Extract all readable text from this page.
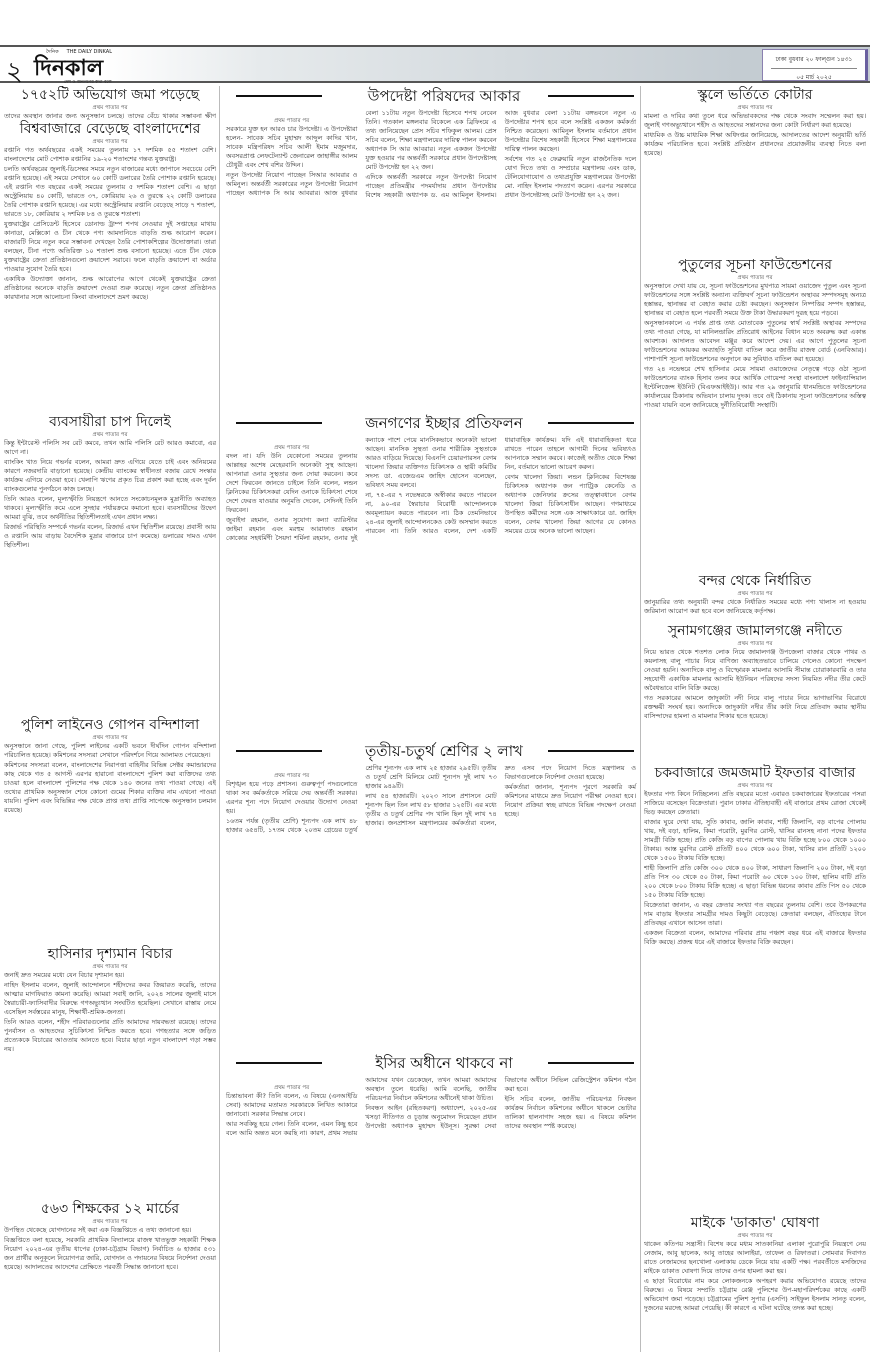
২
দৈনিক THE DAILY DINKAL
দিনকাল
দেশ ও জনগণের কথা বলে
ঢাকা বুধবার ২০ ফাল্গুন ১৪৩১
০৫ মার্চ ২০২৫
১৭৫২টি অভিযোগ জমা পড়েছে
প্রথম পাতার পর

তাদের অবস্থান জানার জন্য অনুসন্ধান চলছে। তাদের বেঁচে থাকার সম্ভাবনা ক্ষীণ

বিশ্ববাজারে বেড়েছে বাংলাদেশের
প্রথম পাতার পর

রপ্তানি গত অর্থবছরের একই সময়ের তুলনায় ১৭ দশমিক ৫৫ শতাংশ বেশি। বাংলাদেশের মোট পোশাক রপ্তানির ১৯-২০ শতাংশের গন্তব্য যুক্তরাষ্ট্র।

চলতি অর্থবছরের জুলাই-ডিসেম্বর সময়ে নতুন বাজারের মধ্যে জাপানে সবচেয়ে বেশি রপ্তানি হয়েছে। এই সময়ে সেখানে ৬০ কোটি ডলারের তৈরি পোশাক রপ্তানি হয়েছে। এই রপ্তানি গত বছরের একই সময়ের তুলনায় ৫ দশমিক শতাংশ বেশি। এ ছাড়া অস্ট্রেলিয়ায় ৪০ কোটি, ভারতে ৩৭, কোরিয়ায় ২৬ ও তুরস্কে ২২ কোটি ডলারের তৈরি পোশাক রপ্তানি হয়েছে। এর মধ্যে অস্ট্রেলিয়ায় রপ্তানি বেড়েছে সাড়ে ৭ শতাংশ, ভারতে ১৮, কোরিয়ায় ২ দশমিক ৮৪ ও তুরস্কে শতাংশ।

যুক্তরাষ্ট্রের প্রেসিডেন্ট হিসেবে ডোনাল্ড ট্রাম্প শপথ নেওয়ার দুই সপ্তাহের মাথায় কানাডা, মেক্সিকো ও চীন থেকে পণ্য আমদানিতে বাড়তি শুল্ক আরোপ করেন। বাজারটি নিয়ে নতুন করে সম্ভাবনা দেখছেন তৈরি পোশাকশিল্পের উদ্যোক্তারা। তারা বলছেন, চীনা পণ্যে অতিরিক্ত ১০ শতাংশ শুল্ক বসানো হয়েছে। এতে চীন থেকে যুক্তরাষ্ট্রের ক্রেতা প্রতিষ্ঠানগুলো ক্রয়াদেশ সরাবে। ফলে বাড়তি ক্রয়াদেশ বা অর্ডার পাওয়ার সুযোগ তৈরি হবে।

একাধিক উদ্যোক্তা জানান, শুল্ক আরোপের আগে থেকেই যুক্তরাষ্ট্রের ক্রেতা প্রতিষ্ঠানের অনেকে বাড়তি ক্রয়াদেশ দেওয়া শুরু করেছে। নতুন ক্রেতা প্রতিষ্ঠানও কারখানার সঙ্গে আলোচনা কিংবা বাংলাদেশে ভ্রমণ করছে।

ব্যবসায়ীরা চাপ দিলেই
প্রথম পাতার পর

কিন্তু ইন্টারেস্ট পলিসি সব রেট কমবে, তখন আমি পলিসি রেট আরও কমাবো, এর আগে না।

ব্যাংকিং খাত নিয়ে গভর্নর বলেন, আমরা দ্রুত এগিয়ে যেতে চাই এবং অনিয়মের কারণে নজরদারি বাড়ানো হয়েছে। কেন্দ্রীয় ব্যাংকের স্বাধীনতা বজায় রেখে সংস্কার কার্যক্রম এগিয়ে নেওয়া হবে। খেলাপি ঋণের প্রকৃত চিত্র প্রকাশ করা হচ্ছে এবং দুর্বল ব্যাংকগুলোর পুনর্গঠনে কাজ চলছে।

তিনি আরও বলেন, মূল্যস্ফীতি নিয়ন্ত্রণে আনতে সংকোচনমূলক মুদ্রানীতি অব্যাহত থাকবে। মূল্যস্ফীতি কমে এলে সুদহার পর্যায়ক্রমে কমানো হবে। ব্যবসায়ীদের উদ্বেগ আমরা বুঝি, তবে অর্থনীতির স্থিতিশীলতাই এখন প্রধান লক্ষ্য।

রিজার্ভ পরিস্থিতি সম্পর্কে গভর্নর বলেন, রিজার্ভ এখন স্থিতিশীল রয়েছে। প্রবাসী আয় ও রপ্তানি আয় বাড়ায় বৈদেশিক মুদ্রার বাজারে চাপ কমেছে। ডলারের দামও এখন স্থিতিশীল।

পুলিশ লাইনেও গোপন বন্দিশালা
প্রথম পাতার পর

অনুসন্ধানে জানা গেছে, পুলিশ লাইনের একটি ভবনে দীর্ঘদিন গোপন বন্দিশালা পরিচালিত হয়েছে। কমিশনের সদস্যরা সেখানে পরিদর্শনে গিয়ে আলামত পেয়েছেন।

কমিশনের সদস্যরা বলেন, বাংলাদেশের নিরাপত্তা বাহিনীর বিভিন্ন সেক্টর কমান্ডারদের কাছ থেকে গত ৫ আগস্ট এরপর হারানো বাংলাদেশে পুলিশ করা ব্যক্তিদের তথ্য চাওয়া হলে বাংলাদেশ পুলিশের পক্ষ থেকে ১৪০ জনের তথ্য পাওয়া গেছে। এই তথ্যের প্রাথমিক অনুসন্ধান শেষে কোনো গুমের শিকার ব্যক্তির নাম এখনো পাওয়া যায়নি। পুলিশ এবং বিভিন্নির পক্ষ থেকে প্রাপ্ত তথ্য প্রাপ্তি সাপেক্ষে অনুসন্ধান চলমান রয়েছে।

হাসিনার দৃশ্যমান বিচার
প্রথম পাতার পর

জনাই দ্রুত সময়ের মধ্যে যেন বিচার দৃশ্যমান হয়।

নাহিদ ইসলাম বলেন, জুলাই আন্দোলনে শহীদদের কবর জিয়ারত করেছি, তাদের আত্মার মাগফিরাত কামনা করেছি। আমরা সবাই জানি, ২০২৪ সালের জুলাই মাসে স্বৈরাচারী-ফ্যাসিবাদীর বিরুদ্ধে গণঅভ্যুত্থান সংঘটিত হয়েছিল। সেখানে রাস্তায় নেমে এসেছিল সর্বস্তরের মানুষ, শিক্ষার্থী-শ্রমিক-জনতা।

তিনি আরও বলেন, শহীদ পরিবারগুলোর প্রতি আমাদের দায়বদ্ধতা রয়েছে। তাদের পুনর্বাসন ও আহতদের সুচিকিৎসা নিশ্চিত করতে হবে। গণহত্যার সঙ্গে জড়িত প্রত্যেককে বিচারের আওতায় আনতে হবে। বিচার ছাড়া নতুন বাংলাদেশ গড়া সম্ভব নয়।

৫৬৩ শিক্ষকের ১২ মার্চের
প্রথম পাতার পর

উপস্থিত থেকেছে যোগদানের সই করা এক বিজ্ঞপ্তিতে এ তথ্য জানানো হয়।

বিজ্ঞপ্তিতে বলা হয়েছে, সরকারি প্রাথমিক বিদ্যালয়ে রাজস্ব খাতভুক্ত সহকারী শিক্ষক নিয়োগ ২০২৪-এর তৃতীয় ধাপের (ঢাকা-চট্টগ্রাম বিভাগ) নির্বাচিত ৬ হাজার ৫৩১ জন প্রার্থীর অনুকূলে নিয়োগপত্র জারি, যোগদান ও পদায়নের বিষয়ে নির্দেশনা দেওয়া হয়েছে। আদালতের আদেশের প্রেক্ষিতে পরবর্তী সিদ্ধান্ত জানানো হবে।

উপদেষ্টা পরিষদের আকার
প্রথম পাতার পর

সরকারে যুক্ত হন আরও চার উপদেষ্টা। এ উপদেষ্টারা হলেন- সাবেক সচিব মুহাম্মদ আব্দুল কাদির খান, সাবেক মন্ত্রিপরিষদ সচিব আলী ইমাম মজুমদার, অবসরপ্রাপ্ত লেফটেন্যান্ট জেনারেল জাহাঙ্গীর আলম চৌধুরী এবং শেখ বশির উদ্দিন।

নতুন উপদেষ্টা নিয়োগ পাচ্ছেন সিআর আবরার ও অমিনুল। অন্তর্বর্তী সরকারের নতুন উপদেষ্টা নিয়োগ পাচ্ছেন অধ্যাপক সি আর আবরার। আজ বুধবার বেলা ১১টায় নতুন উপদেষ্টা হিসেবে শপথ নেবেন তিনি। গতকাল মঙ্গলবার বিকেলে এক ব্রিফিংয়ে এ তথ্য জানিয়েছেন প্রেস সচিব শফিকুল আলম। প্রেস সচিব বলেন, শিক্ষা মন্ত্রণালয়ের দায়িত্ব পালন করবেন অধ্যাপক সি আর আবরার। নতুন একজন উপদেষ্টা যুক্ত হওয়ার পর অন্তর্বর্তী সরকারে প্রধান উপদেষ্টাসহ মোট উপদেষ্টা হন ২২ জন।

এদিকে অন্তর্বর্তী সরকারে নতুন উপদেষ্টা নিয়োগ পাচ্ছেন প্রতিমন্ত্রীর পদমর্যাদায় প্রধান উপদেষ্টার বিশেষ সহকারী অধ্যাপক ড. এম আমিনুল ইসলাম। আজ বুধবার বেলা ১১টায় বঙ্গভবনে নতুন এ উপদেষ্টার শপথ হবে বলে সংশ্লিষ্ট একজন কর্মকর্তা নিশ্চিত করেছেন। আমিনুল ইসলাম বর্তমানে প্রধান উপদেষ্টার বিশেষ সহকারী হিসেবে শিক্ষা মন্ত্রণালয়ের দায়িত্ব পালন করছেন।

সর্বশেষ গত ২৫ ফেব্রুয়ারি নতুন রাজনৈতিক দলে যোগ দিতে তথ্য ও সম্প্রচার মন্ত্রণালয় এবং ডাক, টেলিযোগাযোগ ও তথ্যপ্রযুক্তি মন্ত্রণালয়ের উপদেষ্টা মো. নাহিদ ইসলাম পদত্যাগ করেন। এরপর সরকারে প্রধান উপদেষ্টাসহ মোট উপদেষ্টা হন ২২ জন।

জনগণের ইচ্ছার প্রতিফলন
প্রথম পাতার পর

বদল না। যদি উনি যেকোনো সময়ের তুলনায় আল্লাহর অশেষ মেহেরবানি অনেকটা সুস্থ আছেন। আপনারা ওনার সুস্থতার জন্য দোয়া করবেন। কবে দেশে ফিরবেন জানতে চাইলে তিনি বলেন, লন্ডন ক্লিনিকের চিকিৎসকরা যেদিন ওনাকে চিকিৎসা শেষে দেশে ফেরত যাওয়ার অনুমতি দেবেন, সেদিনই তিনি ফিরবেন।

জুবাইদা রহমান, ওনার সুযোগ্য কন্যা ব্যারিস্টার জাইমা রহমান এবং মরহুম আরাফাত রহমান কোকোর সহধর্মিণী সৈয়দা শর্মিলা রহমান, ওনার দুই কন্যাকে পাশে পেয়ে মানসিকভাবে অনেকটা ভালো আছেন। মানসিক সুস্থতা ওনার শারীরিক সুস্থতাকে আরও বাড়িয়ে দিয়েছে। বিএনপি চেয়ারপারসন বেগম খালেদা জিয়ার ব্যক্তিগত চিকিৎসক ও স্থায়ী কমিটির সদস্য ডা. এজেডএম জাহিদ হোসেন বলেছেন, ভবিষ্যৎ সময় বলবে।

না, ৭৫-এর ৭ নভেম্বরকে অস্বীকার করতে পারবেন না, ৯০-এর স্বৈরাচার বিরোধী আন্দোলনকে অবমূল্যায়ন করতে পারবেন না। ঠিক তেমনিভাবে ২৪-এর জুলাই আন্দোলনকেও কেউ অসম্মান করতে পারবেন না। তিনি আরও বলেন, দেশ একটি ধারাবাহিক কার্যক্রম। যদি এই ধারাবাহিকতা ধরে রাখতে পারেন তাহলে আগামী দিনের ভবিষ্যৎও আপনাকে সম্মান করবে। কাজেই অতীত থেকে শিক্ষা নিন, বর্তমানে ভালো আচরণ করুন।

বেগম খালেদা জিয়া। লন্ডন ক্লিনিকের বিশেষজ্ঞ চিকিৎসক অধ্যাপক জন প্যাট্রিক কেনেডি ও অধ্যাপক জেনিফার ক্রসের তত্ত্বাবধানে বেগম খালেদা জিয়া চিকিৎসাধীন আছেন। গণমাধ্যমে উপস্থিত কর্মীদের সঙ্গে এক সাক্ষাৎকারে ডা. জাহিদ বলেন, বেগম খালেদা জিয়া আগের যে কোনও সময়ের চেয়ে অনেক ভালো আছেন।

তৃতীয়-চতুর্থ শ্রেণির ২ লাখ
প্রথম পাতার পর

বিশৃঙ্খল হয়ে পড়ে প্রশাসন। গুরুত্বপূর্ণ পদগুলোতে থাকা সব কর্মকর্তাকে সরিয়ে দেয় অন্তর্বর্তী সরকার। এরপর শূন্য পদে নিয়োগ দেওয়ার উদ্যোগ নেওয়া হয়।

১৬তম পর্যন্ত (তৃতীয় শ্রেণি) শূন্যপদ এক লাখ ৪৮ হাজার ৬৫৪টি, ১৭তম থেকে ২০তম গ্রেডের চতুর্থ শ্রেণির শূন্যপদ এক লাখ ২৫ হাজার ২৯৫টি। তৃতীয় ও চতুর্থ শ্রেণি মিলিয়ে মোট শূন্যপদ দুই লাখ ৭৩ হাজার ৯৪৯টি।

লাখ ৫৪ হাজারটি। ২০২৩ সালে প্রশাসনে মোট শূন্যপদ ছিল তিন লাখ ৫৮ হাজার ১২৫টি। এর মধ্যে তৃতীয় ও চতুর্থ শ্রেণির পদ খালি ছিল দুই লাখ ৭৪ হাজার। জনপ্রশাসন মন্ত্রণালয়ের কর্মকর্তারা বলেন, দ্রুত এসব পদে নিয়োগ দিতে মন্ত্রণালয় ও বিভাগগুলোকে নির্দেশনা দেওয়া হয়েছে।

কর্মকর্তারা জানান, শূন্যপদ পূরণে সরকারি কর্ম কমিশনের মাধ্যমে দ্রুত নিয়োগ পরীক্ষা নেওয়া হবে। নিয়োগ প্রক্রিয়া স্বচ্ছ রাখতে বিভিন্ন পদক্ষেপ নেওয়া হচ্ছে।

ইসির অধীনে থাকবে না
প্রথম পাতার পর

চিন্তাভাবনা কী? তিনি বলেন, এ বিষয়ে (এনআইডি সেবা) আমাদের মতামত সরকারকে লিখিত আকারে জানাবো। সরকার সিদ্ধান্ত নেবে।

আর সবকিছু হয়ে গেল। তিনি বলেন, এমন কিছু হবে বলে আমি অন্তত মনে করছি না। কারণ, প্রথম সভায় আমাদের যখন ডেকেছেন, তখন আমরা আমাদের অবস্থান তুলে ধরেছি। আমি বলেছি, জাতীয় পরিচয়পত্র নির্বাচন কমিশনের অধীনেই থাকা উচিত।

নিবন্ধন আইন (রহিতকরণ) অধ্যাদেশ, ২০২৫-এর খসড়া নীতিগত ও চূড়ান্ত অনুমোদন দিয়েছেন প্রধান উপদেষ্টা অধ্যাপক মুহাম্মদ ইউনূস। সুরক্ষা সেবা বিভাগের অধীনে সিভিল রেজিস্ট্রেশন কমিশন গঠন করা হবে।

ইসি সচিব বলেন, জাতীয় পরিচয়পত্র নিবন্ধন কার্যক্রম নির্বাচন কমিশনের অধীনে থাকলে ভোটার তালিকা হালনাগাদ সহজ হয়। এ বিষয়ে কমিশন তাদের অবস্থান স্পষ্ট করেছে।

স্কুলে ভর্তিতে কোটার
প্রথম পাতার পর

মামলা ও দাবির কথা তুলে ধরে অভিভাবকদের পক্ষ থেকে সংবাদ সম্মেলন করা হয়। জুলাই গণঅভ্যুত্থানে শহীদ ও আহতদের সন্তানদের জন্য কোটা নির্ধারণ করা হয়েছে।

মাধ্যমিক ও উচ্চ মাধ্যমিক শিক্ষা অধিদপ্তর জানিয়েছে, আদালতের আদেশ অনুযায়ী ভর্তি কার্যক্রম পরিচালিত হবে। সংশ্লিষ্ট প্রতিষ্ঠান প্রধানদের প্রয়োজনীয় ব্যবস্থা নিতে বলা হয়েছে।

পুতুলের সূচনা ফাউন্ডেশনের
প্রথম পাতার পর

অনুসন্ধানে দেখা যায় যে, সূচনা ফাউন্ডেশনের মুখপাত্র সায়মা ওয়াজেদ পুতুল এবং সূচনা ফাউন্ডেশনের সঙ্গে সংশ্লিষ্ট অন্যান্য ব্যক্তিবর্গ সূচনা ফাউন্ডেশন অস্থাবর সম্পদসমূহ অন্যত্র হস্তান্তর, স্থানান্তর বা বেহাত করার চেষ্টা করছেন। অনুসন্ধান নিষ্পত্তির সম্পদ হস্তান্তর, স্থানান্তর বা বেহাত হলে পরবর্তী সময়ে উক্ত টাকা উদ্ধারকরণ দুরূহ হয়ে পড়বে।

অনুসন্ধানকালে এ পর্যন্ত প্রাপ্ত তথ্য মোতাবেক পুতুলের স্বার্থ সংশ্লিষ্ট অস্থাবর সম্পদের তথ্য পাওয়া গেছে, যা মানিলন্ডারিং প্রতিরোধ আইনের বিধান মতে অবরুদ্ধ করা একান্ত আবশ্যক। আদালত আবেদন মঞ্জুর করে আদেশ দেয়। এর আগে পুতুলের সূচনা ফাউন্ডেশনের আয়কর অব্যাহতি সুবিধা বাতিল করে জাতীয় রাজস্ব বোর্ড (এনবিআর)। পাশাপাশি সূচনা ফাউন্ডেশনের অনুদানে কর সুবিধাও বাতিল করা হয়েছে।

গত ২৪ নভেম্বরে শেখ হাসিনার মেয়ে সায়মা ওয়াজেদের নেতৃত্বে গড়ে ওঠা সূচনা ফাউন্ডেশনের ব্যাংক হিসাব তলব করে আর্থিক গোয়েন্দা সংস্থা বাংলাদেশ ফাইন্যান্সিয়াল ইন্টেলিজেন্স ইউনিট (বিএফআইইউ)। আর গত ২৯ জানুয়ারি ধানমন্ডিতে ফাউন্ডেশনের কার্যালয়ের ঠিকানায় অভিযান চালায় দুদক। তবে ওই ঠিকানায় সূচনা ফাউন্ডেশনের অস্তিত্ব পাওয়া যায়নি বলে জানিয়েছে দুর্নীতিবিরোধী সংস্থাটি।

বন্দর থেকে নির্ধারিত
প্রথম পাতার পর

জানুয়ারির তথ্য অনুযায়ী বন্দর থেকে নির্ধারিত সময়ের মধ্যে পণ্য খালাস না হওয়ায় জরিমানা আরোপ করা হবে বলে জানিয়েছে কর্তৃপক্ষ।

সুনামগঞ্জের জামালগঞ্জে নদীতে
প্রথম পাতার পর

নিয়ে ভারত থেকে শতশত লোক নিয়ে জামালগঞ্জ উপজেলা বাজার থেকে পাথর ও কয়লাসহ বালু পাচার নিয়ে বাণিজ্য অব্যাহতভাবে চালিয়ে গেলেও কোনো পদক্ষেপ নেওয়া হয়নি। অন্যদিকে বালু ও বিস্ফোরক মামলার আসামি সীমান্ত চোরাকারবারি ও তার সহযোগী একাধিক মামলার আসামি ইউনিয়ন পরিষদের সদস্য নিয়মিত নদীর তীর কেটে অবৈধভাবে বালি বিক্রি করছে।

গত সরকারের আমলে জাদুকাটা নদী নিয়ে বালু পাচার নিয়ে ভাগাভাগির বিরোধে রক্তক্ষয়ী সংঘর্ষ হয়। অন্যদিকে জাদুকাটা নদীর তীর কাটা নিয়ে প্রতিবাদ করায় স্থানীয় বাসিন্দাদের হামলা ও মামলার শিকার হতে হয়েছে।

চকবাজারে জমজমাট ইফতার বাজার
প্রথম পাতার পর

ইফতার পণ্য কিনে নিচ্ছিলেন। প্রতি বছরের মতো এবারও চকবাজারের ইফতারের পসরা সাজিয়ে বসেছেন বিক্রেতারা। পুরান ঢাকার ঐতিহ্যবাহী এই বাজারে প্রথম রোজা থেকেই ভিড় করছেন ক্রেতারা।

বাজার ঘুরে দেখা যায়, সুতি কাবাব, জালি কাবাব, শাহী জিলাপি, বড় বাপের পোলায় খায়, দই বড়া, হালিম, কিমা পরোটা, মুরগির রোস্ট, খাসির রানসহ নানা পদের ইফতার সামগ্রী বিক্রি হচ্ছে। প্রতি কেজি বড় বাপের পোলায় খায় বিক্রি হচ্ছে ৮০০ থেকে ১০০০ টাকায়। আস্ত মুরগির রোস্ট প্রতিটি ৪০০ থেকে ৬০০ টাকা, খাসির রান প্রতিটি ১২০০ থেকে ১৫০০ টাকায় বিক্রি হচ্ছে।

শাহী জিলাপি প্রতি কেজি ৩০০ থেকে ৪০০ টাকা, সাধারণ জিলাপি ২০০ টাকা, দই বড়া প্রতি পিস ৩০ থেকে ৫০ টাকা, কিমা পরোটা ৬০ থেকে ১০০ টাকা, হালিম বাটি প্রতি ২০০ থেকে ৮০০ টাকায় বিক্রি হচ্ছে। এ ছাড়া বিভিন্ন ধরনের কাবাব প্রতি পিস ৫০ থেকে ১৫০ টাকায় বিক্রি হচ্ছে।

বিক্রেতারা জানান, এ বছর ক্রেতার সংখ্যা গত বছরের তুলনায় বেশি। তবে উপকরণের দাম বাড়ায় ইফতার সামগ্রীর দামও কিছুটা বেড়েছে। ক্রেতারা বলছেন, ঐতিহ্যের টানে প্রতিবছর এখানে আসেন তারা।

একজন বিক্রেতা বলেন, আমাদের পরিবার প্রায় পঞ্চাশ বছর ধরে এই বাজারে ইফতার বিক্রি করছে। প্রজন্ম ধরে এই বাজারে ইফতার বিক্রি করছেন।

মাইকে 'ডাকাত' ঘোষণা
প্রথম পাতার পর

থাকেন কতিপয় সন্ত্রাসী। বিশেষ করে মধ্যম সাতকানিয়া এলাকা পুরোপুরি নিয়ন্ত্রণে নেয় নেজাম, আবু ছালেক, আবু তাহের আলাইয়া, তাফেল ও রিফাতরা। সোমবার দিবাগত রাতে নেজামদের ছনখোলা এলাকায় ডেকে নিয়ে যায় একটি পক্ষ। পরবর্তীতে মসজিদের মাইকে ডাকাত ঘোষণা দিয়ে তাদের ওপর হামলা করা হয়।

এ ছাড়া বিরোধের নাম করে লোকজনকে অপহরণ করার অভিযোগও রয়েছে তাদের বিরুদ্ধে। এ বিষয়ে সম্প্রতি চট্টগ্রাম রেঞ্জ পুলিশের উপ-মহাপরিদর্শকের কাছে একটি অভিযোগ জমা পড়েছে। চট্টগ্রামের পুলিশ সুপার (এসপি) সাইফুল ইসলাম সানতু বলেন, দুজনের মরদেহ আমরা পেয়েছি। কী কারণে এ ঘটনা ঘটেছে তদন্ত করা হচ্ছে।
